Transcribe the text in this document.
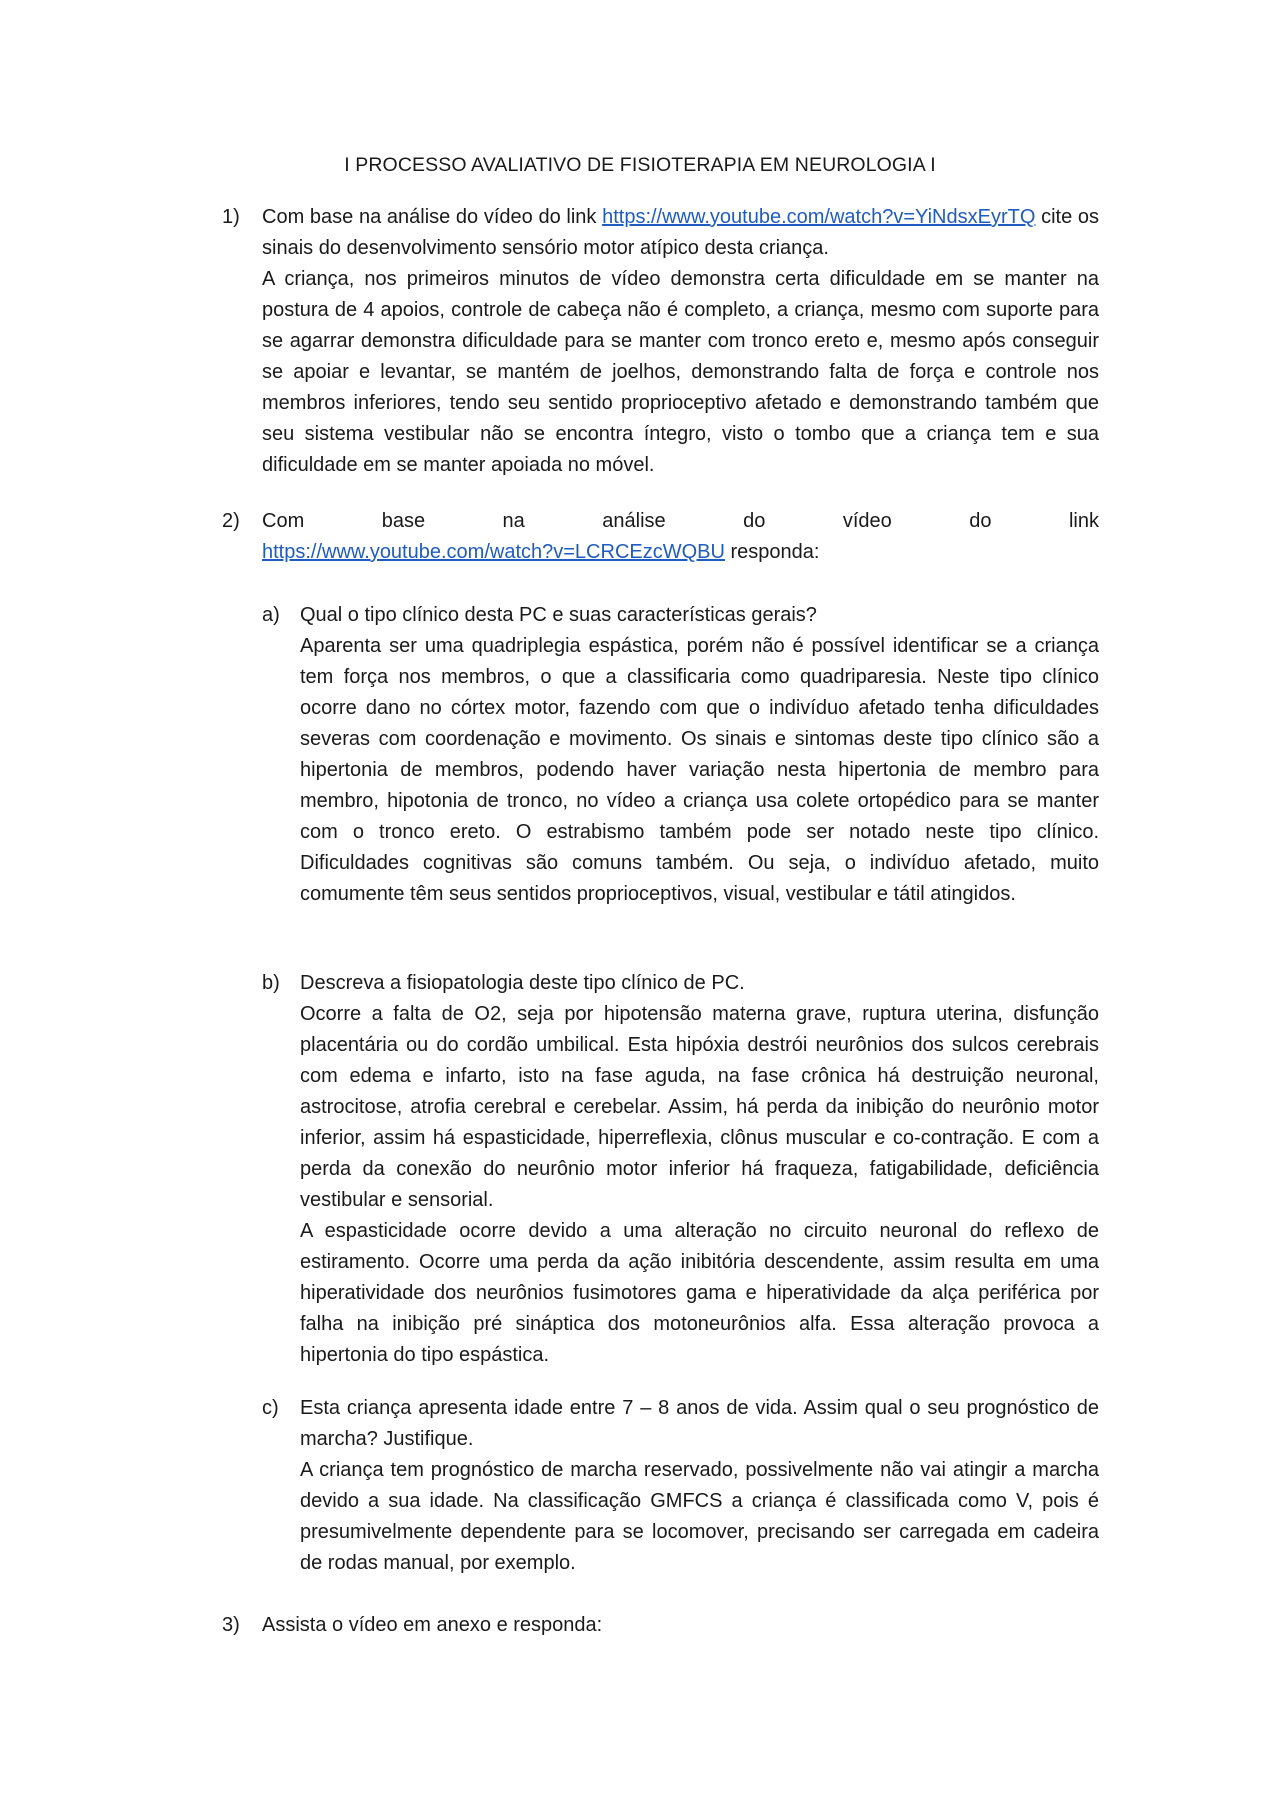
I PROCESSO AVALIATIVO DE FISIOTERAPIA EM NEUROLOGIA I
1)	Com base na análise do vídeo do link https://www.youtube.com/watch?v=YiNdsxEyrTQ cite os sinais do desenvolvimento sensório motor atípico desta criança.

A criança, nos primeiros minutos de vídeo demonstra certa dificuldade em se manter na postura de 4 apoios, controle de cabeça não é completo, a criança, mesmo com suporte para se agarrar demonstra dificuldade para se manter com tronco ereto e, mesmo após conseguir se apoiar e levantar, se mantém de joelhos, demonstrando falta de força e controle nos membros inferiores, tendo seu sentido proprioceptivo afetado e demonstrando também que seu sistema vestibular não se encontra íntegro, visto o tombo que a criança tem e sua dificuldade em se manter apoiada no móvel.

2)	Com base na análise do vídeo do link

https://www.youtube.com/watch?v=LCRCEzcWQBU responda:

a)	Qual o tipo clínico desta PC e suas características gerais?

Aparenta ser uma quadriplegia espástica, porém não é possível identificar se a criança tem força nos membros, o que a classificaria como quadriparesia. Neste tipo clínico ocorre dano no córtex motor, fazendo com que o indivíduo afetado tenha dificuldades severas com coordenação e movimento. Os sinais e sintomas deste tipo clínico são a hipertonia de membros, podendo haver variação nesta hipertonia de membro para membro, hipotonia de tronco, no vídeo a criança usa colete ortopédico para se manter com o tronco ereto. O estrabismo também pode ser notado neste tipo clínico. Dificuldades cognitivas são comuns também. Ou seja, o indivíduo afetado, muito comumente têm seus sentidos proprioceptivos, visual, vestibular e tátil atingidos.

b)	Descreva a fisiopatologia deste tipo clínico de PC.

Ocorre a falta de O2, seja por hipotensão materna grave, ruptura uterina, disfunção placentária ou do cordão umbilical. Esta hipóxia destrói neurônios dos sulcos cerebrais com edema e infarto, isto na fase aguda, na fase crônica há destruição neuronal, astrocitose, atrofia cerebral e cerebelar. Assim, há perda da inibição do neurônio motor inferior, assim há espasticidade, hiperreflexia, clônus muscular e co-contração. E com a perda da conexão do neurônio motor inferior há fraqueza, fatigabilidade, deficiência vestibular e sensorial.

A espasticidade ocorre devido a uma alteração no circuito neuronal do reflexo de estiramento. Ocorre uma perda da ação inibitória descendente, assim resulta em uma hiperatividade dos neurônios fusimotores gama e hiperatividade da alça periférica por falha na inibição pré sináptica dos motoneurônios alfa. Essa alteração provoca a hipertonia do tipo espástica.

c)	Esta criança apresenta idade entre 7 – 8 anos de vida. Assim qual o seu prognóstico de marcha? Justifique.

A criança tem prognóstico de marcha reservado, possivelmente não vai atingir a marcha devido a sua idade. Na classificação GMFCS a criança é classificada como V, pois é presumivelmente dependente para se locomover, precisando ser carregada em cadeira de rodas manual, por exemplo.

3)	Assista o vídeo em anexo e responda:
